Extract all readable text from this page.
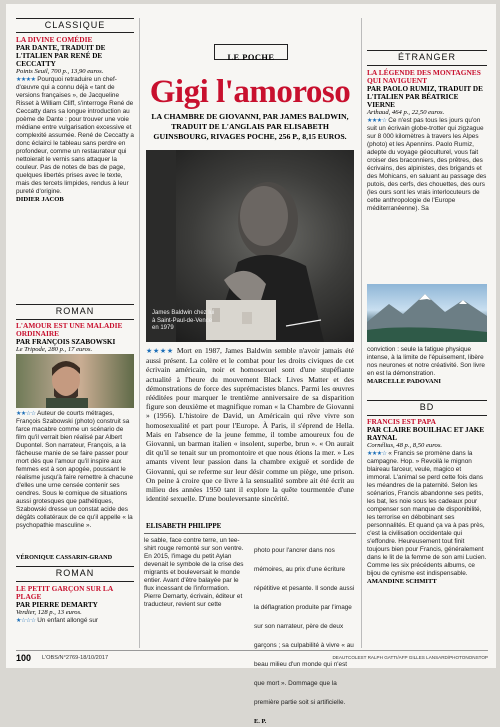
CLASSIQUE
LA DIVINE COMÉDIE
PAR DANTE, TRADUIT DE L'ITALIEN PAR RENÉ DE CECCATTY
Points Seuil, 700 p., 13,90 euros.
★★★★ Pourquoi retraduire un chef-d'œuvre qui a connu déjà « tant de versions françaises », de Jacqueline Risset à William Cliff, s'interroge René de Ceccatty dans sa longue introduction au poème de Dante : pour trouver une voie médiane entre vulgarisation excessive et complexité assumée. René de Ceccatty a donc éclairci le tableau sans perdre en profondeur, comme un restaurateur qui nettoierait le vernis sans attaquer la couleur. Pas de notes de bas de page, quelques libertés prises avec le texte, mais des tercets limpides, rendus à leur pureté d'origine.
DIDIER JACOB
ROMAN
L'AMOUR EST UNE MALADIE ORDINAIRE
PAR FRANÇOIS SZABOWSKI
Le Tripode, 280 p., 17 euros.
★★☆☆ Auteur de courts métrages, François Szabowski (photo) construit sa farce macabre comme un scénario de film qu'il verrait bien réalisé par Albert Dupontel. Son narrateur, François, a la fâcheuse manie de se faire passer pour mort dès que l'amour qu'il inspire aux femmes est à son apogée, poussant le réalisme jusqu'à faire remettre à chacune d'elles une urne censée contenir ses cendres. Sous le comique de situations aussi grotesques que pathétiques, Szabowski dresse un constat acide des dégâts collatéraux de ce qu'il appelle « la psychopathie masculine ».
VÉRONIQUE CASSARIN-GRAND
ROMAN
LE PETIT GARÇON SUR LA PLAGE
PAR PIERRE DEMARTY
Verdier, 128 p., 13 euros.
★☆☆☆ Un enfant allongé sur
LE POCHE
Gigi l'amoroso
LA CHAMBRE DE GIOVANNI, PAR JAMES BALDWIN, TRADUIT DE L'ANGLAIS PAR ELISABETH GUINSBOURG, RIVAGES POCHE, 256 P., 8,15 EUROS.
James Baldwin chez lui à Saint-Paul-de-Vence en 1979
★★★★ Mort en 1987, James Baldwin semble n'avoir jamais été aussi présent. La colère et le combat pour les droits civiques de cet écrivain américain, noir et homosexuel sont d'une stupéfiante actualité à l'heure du mouvement Black Lives Matter et des démonstrations de force des suprémacistes blancs. Parmi les œuvres rééditées pour marquer le trentième anniversaire de sa disparition figure son deuxième et magnifique roman « la Chambre de Giovanni » (1956). L'histoire de David, un Américain qui rêve vivre son homosexualité et part pour l'Europe. À Paris, il s'éprend de Hella. Mais en l'absence de la jeune femme, il tombe amoureux fou de Giovanni, un barman italien « insolent, superbe, brun ». « On aurait dit qu'il se tenait sur un promontoire et que nous étions la mer. » Les amants vivent leur passion dans la chambre exiguë et sordide de Giovanni, qui se referme sur leur désir comme un piège, une prison. On peine à croire que ce livre à la sensualité sombre ait été écrit au milieu des années 1950 tant il explore la quête tourmentée d'une identité sexuelle. D'une bouleversante sincérité.
ELISABETH PHILIPPE
le sable, face contre terre, un tee-shirt rouge remonté sur son ventre. En 2015, l'image du petit Aylan devenait le symbole de la crise des migrants et bouleversait le monde entier. Avant d'être balayée par le flux incessant de l'information. Pierre Demarty, écrivain, éditeur et traducteur, revient sur cette
photo pour l'ancrer dans nos mémoires, au prix d'une écriture répétitive et pesante. Il sonde aussi la déflagration produite par l'image sur son narrateur, père de deux garçons ; sa culpabilité à vivre « au beau milieu d'un monde qui n'est que mort ». Dommage que la première partie soit si artificielle. E. P.
ÉTRANGER
LA LÉGENDE DES MONTAGNES QUI NAVIGUENT
PAR PAOLO RUMIZ, TRADUIT DE L'ITALIEN PAR BÉATRICE VIERNE
Arthaud, 464 p., 22,50 euros.
★★★☆ Ce n'est pas tous les jours qu'on suit un écrivain globe-trotter qui zigzague sur 8 000 kilomètres à travers les Alpes (photo) et les Apennins. Paolo Rumiz, adepte du voyage géoculturel, vous fait croiser des braconniers, des prêtres, des écrivains, des alpinistes, des brigands et des Mohicans, en saluant au passage des putois, des cerfs, des chouettes, des ours (les ours sont les vrais interlocuteurs de cette anthropologie de l'Europe méditerranéenne). Sa
conviction : seule la fatigue physique intense, à la limite de l'épuisement, libère nos neurones et notre créativité. Son livre en est la démonstration.
MARCELLE PADOVANI
BD
FRANCIS EST PAPA
PAR CLAIRE BOUILHAC ET JAKE RAYNAL
Cornélius, 48 p., 8,50 euros.
★★★☆ « Francis se promène dans la campagne. Hop. » Revoilà le mignon blaireau farceur, veule, magico et immoral. L'animal se perd cette fois dans les méandres de la paternité. Selon les scénarios, Francis abandonne ses petits, les bat, les noie sous les cadeaux pour compenser son manque de disponibilité, les terrorise en débobinant ses personnalités. Et quand ça va à pas près, c'est la civilisation occidentale qui s'effondre. Heureusement tout finit toujours bien pour Francis, généralement dans le lit de la femme de son ami Lucien. Comme les six précédents albums, ce bijou de cynisme est indispensable.
AMANDINE SCHMITT
100 L'OBS/N°2769-18/10/2017	DEAUTCOLEST RALPH GATTI/AFP GILLES LANSARD/PHOTONONSTOP
